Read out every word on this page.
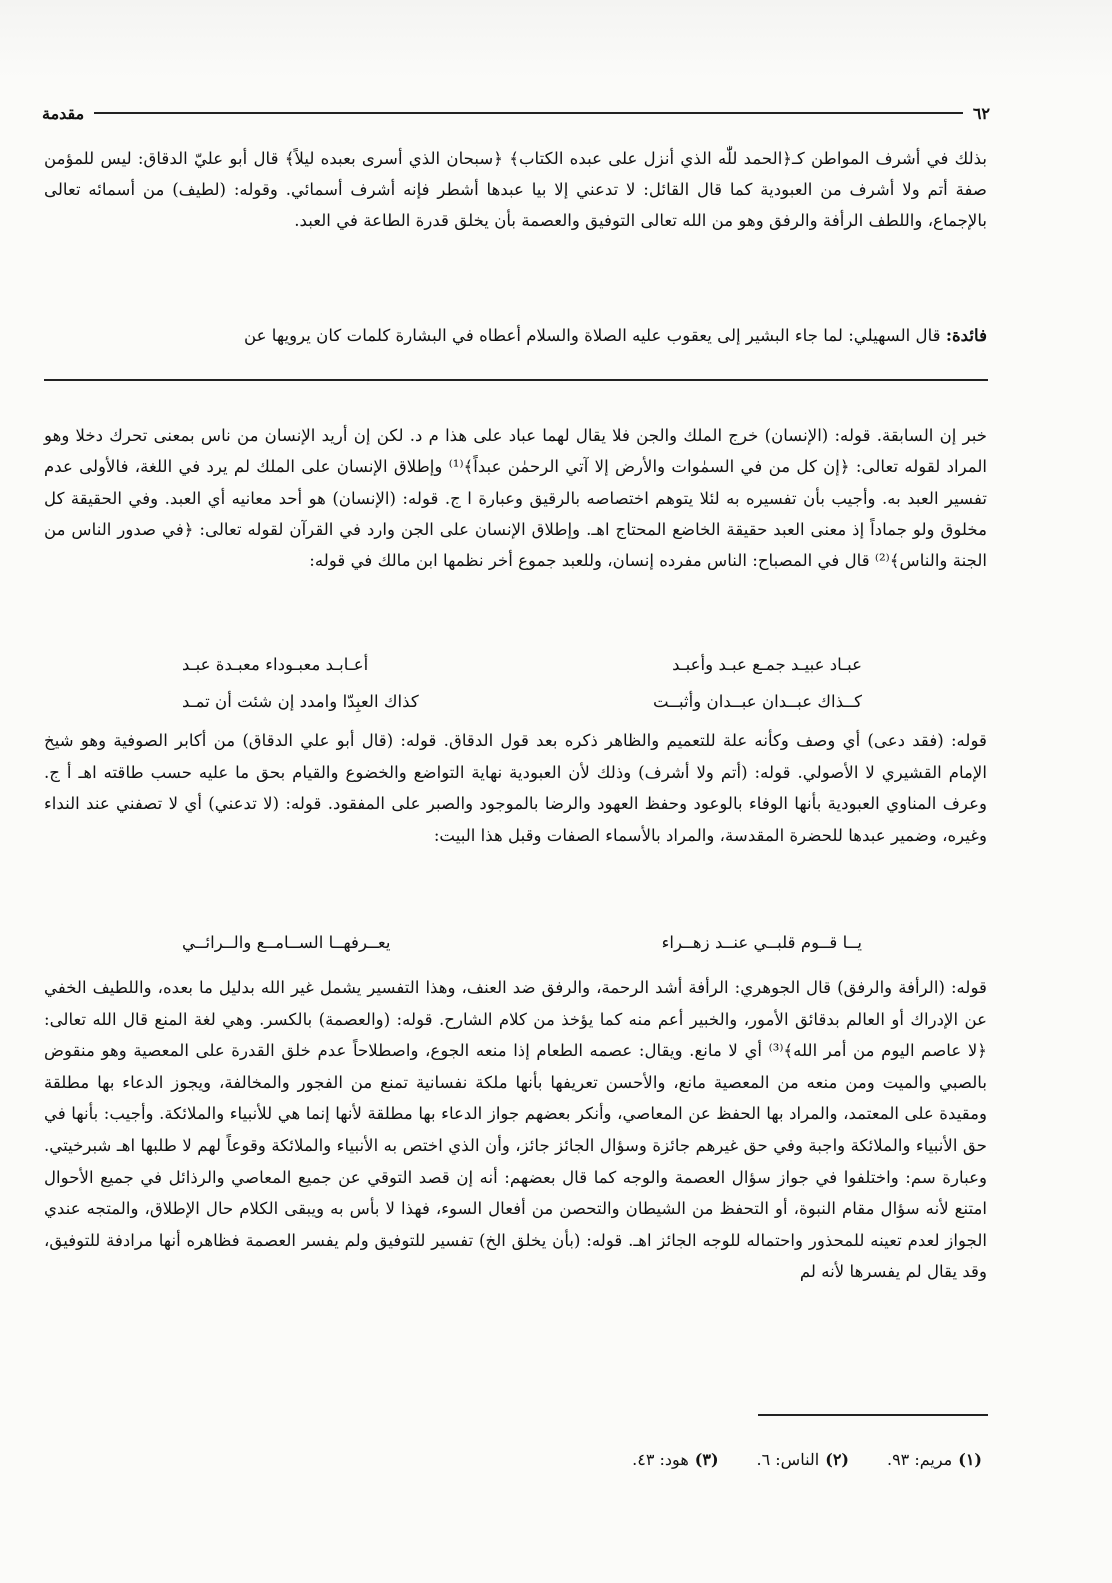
٦٢
مقدمة
بذلك في أشرف المواطن كـ﴿الحمد للّٰه الذي أنزل على عبده الكتاب﴾ ﴿سبحان الذي أسرى بعبده ليلاً﴾ قال أبو عليّ الدقاق: ليس للمؤمن صفة أتم ولا أشرف من العبودية كما قال القائل: لا تدعني إلا بيا عبدها أشطر فإنه أشرف أسمائي. وقوله: (لطيف) من أسمائه تعالى بالإجماع، واللطف الرأفة والرفق وهو من الله تعالى التوفيق والعصمة بأن يخلق قدرة الطاعة في العبد.
فائدة: قال السهيلي: لما جاء البشير إلى يعقوب عليه الصلاة والسلام أعطاه في البشارة كلمات كان يرويها عن
خبر إن السابقة. قوله: (الإنسان) خرج الملك والجن فلا يقال لهما عباد على هذا م د. لكن إن أريد الإنسان من ناس بمعنى تحرك دخلا وهو المراد لقوله تعالى: ﴿إن كل من في السمٰوات والأرض إلا آتي الرحمٰن عبداً﴾⁽¹⁾ وإطلاق الإنسان على الملك لم يرد في اللغة، فالأولى عدم تفسير العبد به. وأجيب بأن تفسيره به لئلا يتوهم اختصاصه بالرقيق وعبارة ا ج. قوله: (الإنسان) هو أحد معانيه أي العبد. وفي الحقيقة كل مخلوق ولو جماداً إذ معنى العبد حقيقة الخاضع المحتاج اهـ. وإطلاق الإنسان على الجن وارد في القرآن لقوله تعالى: ﴿في صدور الناس من الجنة والناس﴾⁽²⁾ قال في المصباح: الناس مفرده إنسان، وللعبد جموع أخر نظمها ابن مالك في قوله:
عبـاد عبيـد جمـع عبـد وأعبـد
أعـابـد معبـوداء معبـدة عبـد
كــذاك عبــدان عبــدان وأثبــت
كذاك العبِدّا وامدد إن شئت أن تمـد
قوله: (فقد دعى) أي وصف وكأنه علة للتعميم والظاهر ذكره بعد قول الدقاق. قوله: (قال أبو علي الدقاق) من أكابر الصوفية وهو شيخ الإمام القشيري لا الأصولي. قوله: (أتم ولا أشرف) وذلك لأن العبودية نهاية التواضع والخضوع والقيام بحق ما عليه حسب طاقته اهـ أ ج. وعرف المناوي العبودية بأنها الوفاء بالوعود وحفظ العهود والرضا بالموجود والصبر على المفقود. قوله: (لا تدعني) أي لا تصفني عند النداء وغيره، وضمير عبدها للحضرة المقدسة، والمراد بالأسماء الصفات وقبل هذا البيت:
يــا قــوم قلبــي عنــد زهــراء
يعــرفهــا الســامــع والــرائــي
قوله: (الرأفة والرفق) قال الجوهري: الرأفة أشد الرحمة، والرفق ضد العنف، وهذا التفسير يشمل غير الله بدليل ما بعده، واللطيف الخفي عن الإدراك أو العالم بدقائق الأمور، والخبير أعم منه كما يؤخذ من كلام الشارح. قوله: (والعصمة) بالكسر. وهي لغة المنع قال الله تعالى: ﴿لا عاصم اليوم من أمر الله﴾⁽³⁾ أي لا مانع. ويقال: عصمه الطعام إذا منعه الجوع، واصطلاحاً عدم خلق القدرة على المعصية وهو منقوض بالصبي والميت ومن منعه من المعصية مانع، والأحسن تعريفها بأنها ملكة نفسانية تمنع من الفجور والمخالفة، ويجوز الدعاء بها مطلقة ومقيدة على المعتمد، والمراد بها الحفظ عن المعاصي، وأنكر بعضهم جواز الدعاء بها مطلقة لأنها إنما هي للأنبياء والملائكة. وأجيب: بأنها في حق الأنبياء والملائكة واجبة وفي حق غيرهم جائزة وسؤال الجائز جائز، وأن الذي اختص به الأنبياء والملائكة وقوعاً لهم لا طلبها اهـ شبرخيتي. وعبارة سم: واختلفوا في جواز سؤال العصمة والوجه كما قال بعضهم: أنه إن قصد التوقي عن جميع المعاصي والرذائل في جميع الأحوال امتنع لأنه سؤال مقام النبوة، أو التحفظ من الشيطان والتحصن من أفعال السوء، فهذا لا بأس به ويبقى الكلام حال الإطلاق، والمتجه عندي الجواز لعدم تعينه للمحذور واحتماله للوجه الجائز اهـ. قوله: (بأن يخلق الخ) تفسير للتوفيق ولم يفسر العصمة فظاهره أنها مرادفة للتوفيق، وقد يقال لم يفسرها لأنه لم
(١)مريم: ٩٣.
(٢)الناس: ٦.
(٣)هود: ٤٣.
